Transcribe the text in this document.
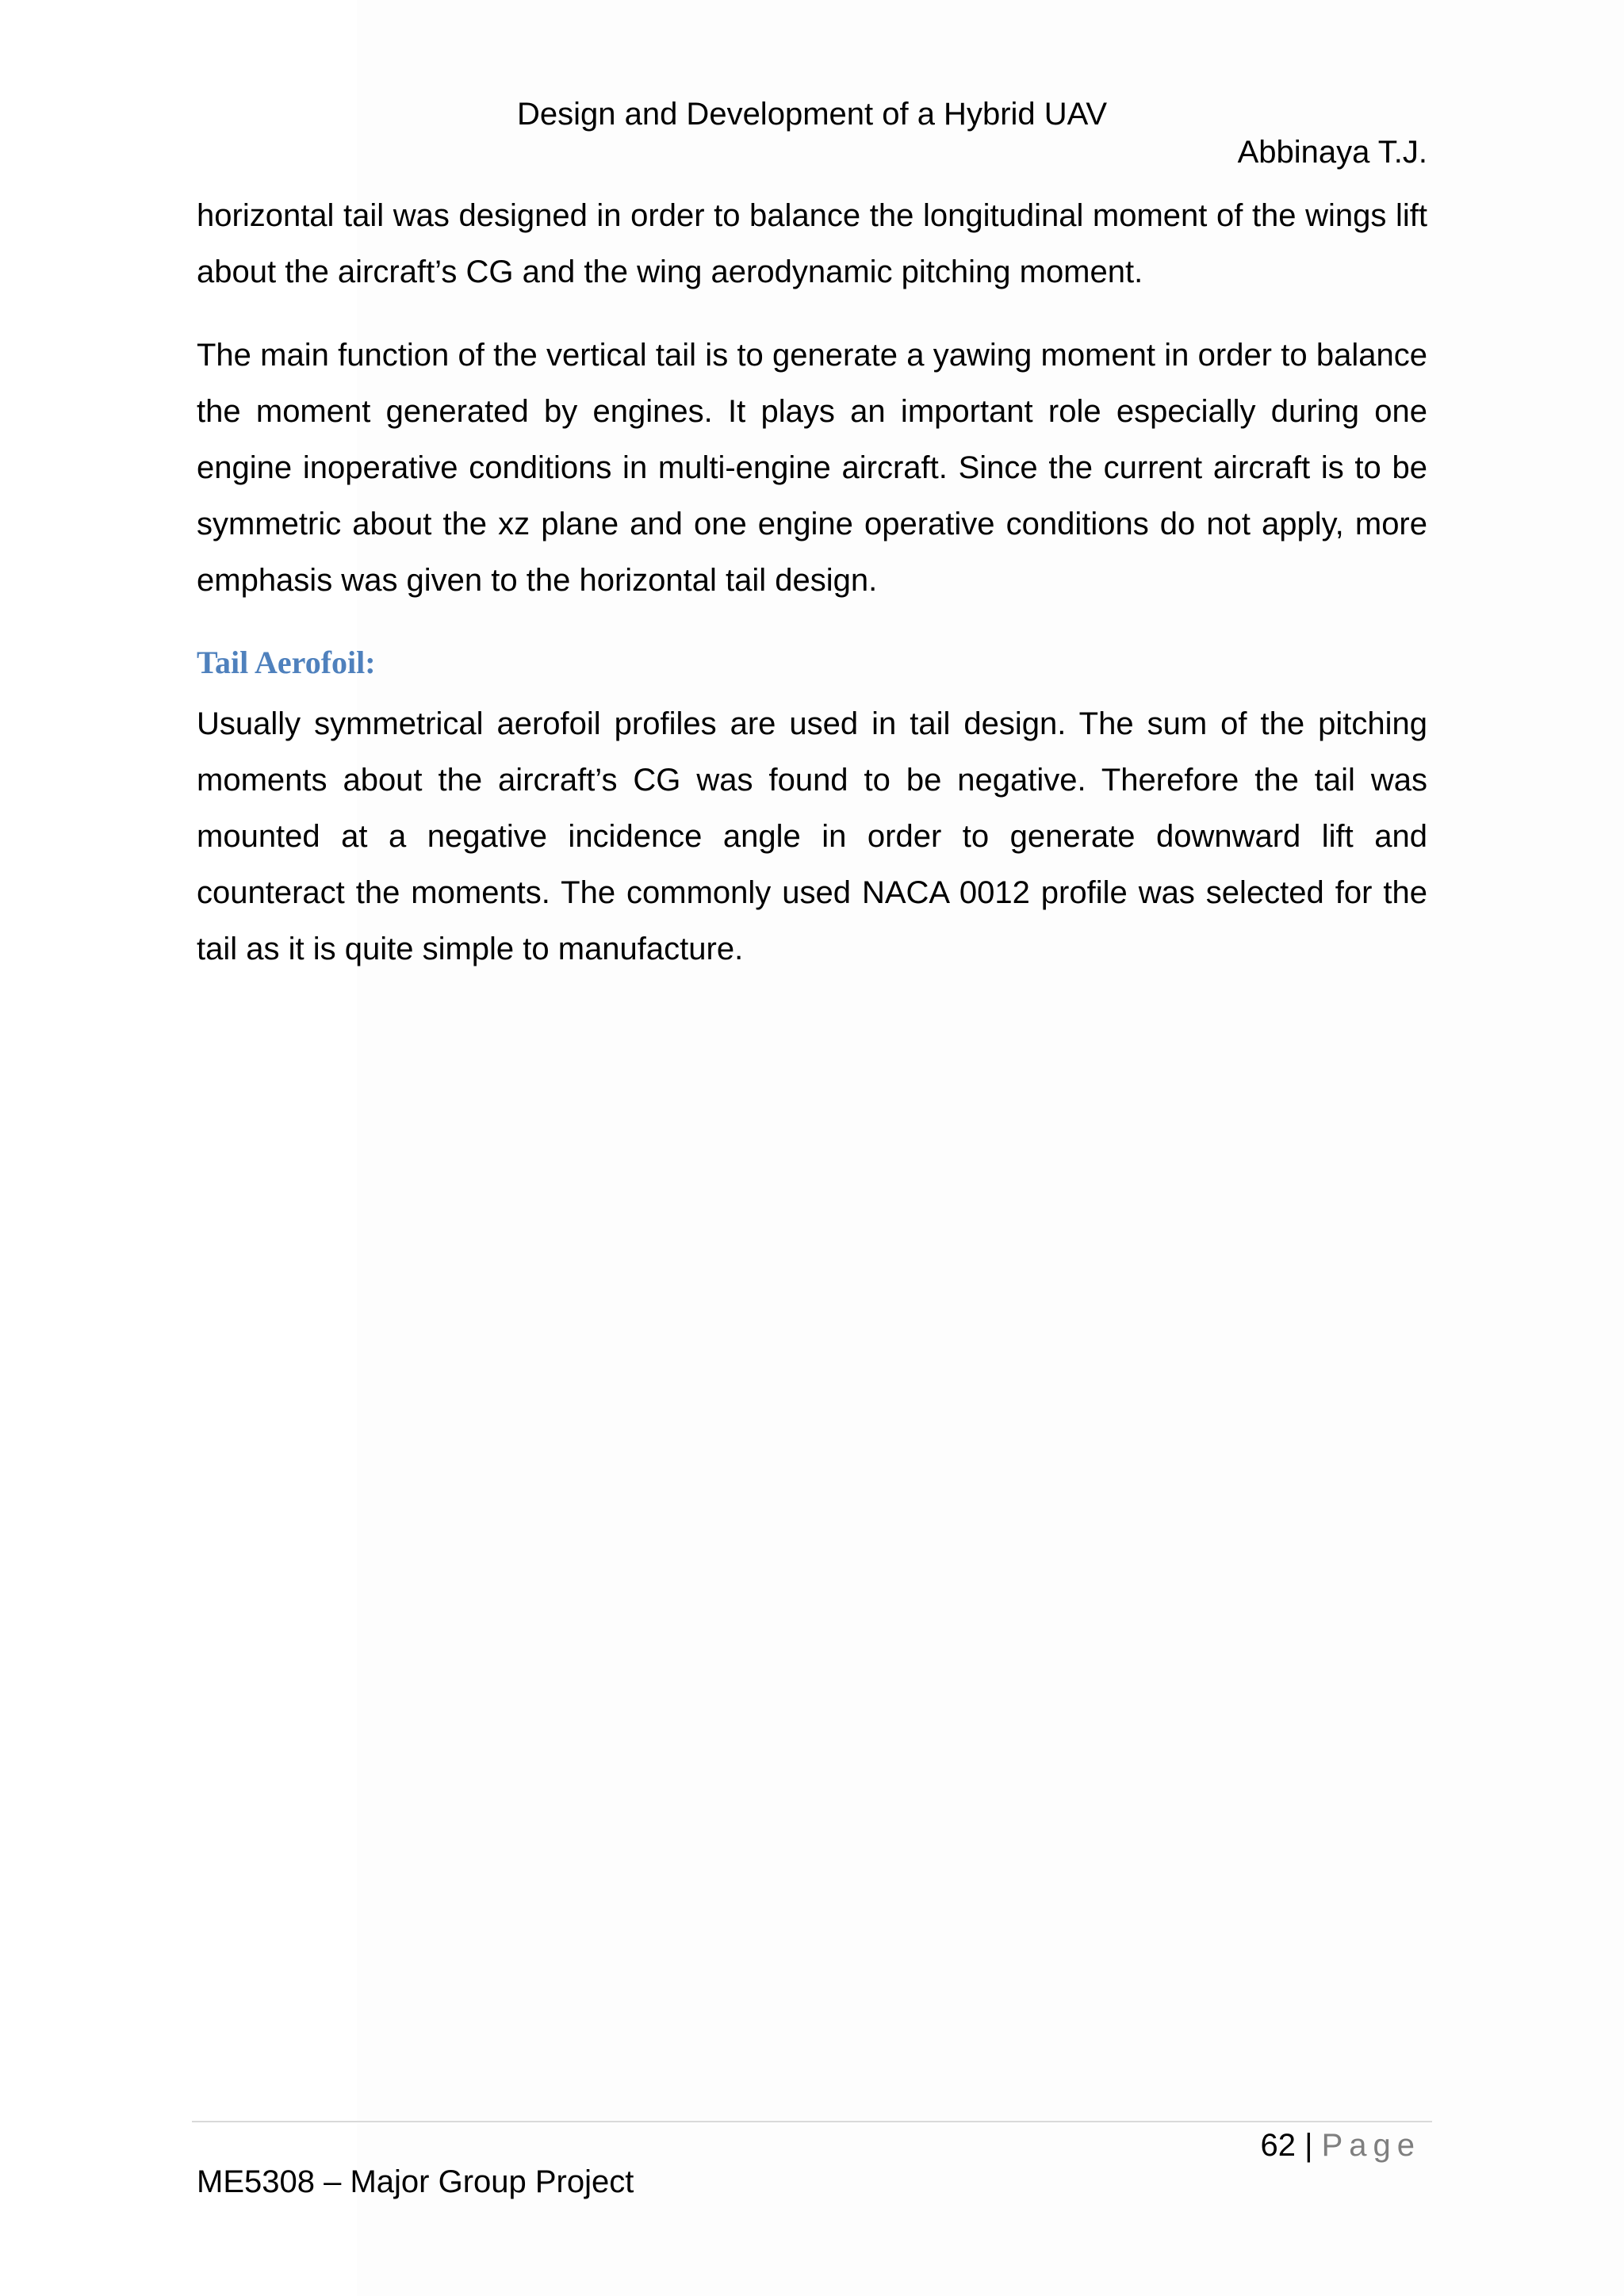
Design and Development of a Hybrid UAV
Abbinaya T.J.
horizontal tail was designed in order to balance the longitudinal moment of the wings lift about the aircraft’s CG and the wing aerodynamic pitching moment.
The main function of the vertical tail is to generate a yawing moment in order to balance the moment generated by engines. It plays an important role especially during one engine inoperative conditions in multi-engine aircraft. Since the current aircraft is to be symmetric about the xz plane and one engine operative conditions do not apply, more emphasis was given to the horizontal tail design.
Tail Aerofoil:
Usually symmetrical aerofoil profiles are used in tail design. The sum of the pitching moments about the aircraft’s CG was found to be negative. Therefore the tail was mounted at a negative incidence angle in order to generate downward lift and counteract the moments. The commonly used NACA 0012 profile was selected for the tail as it is quite simple to manufacture.
62 | Page
ME5308 – Major Group Project
